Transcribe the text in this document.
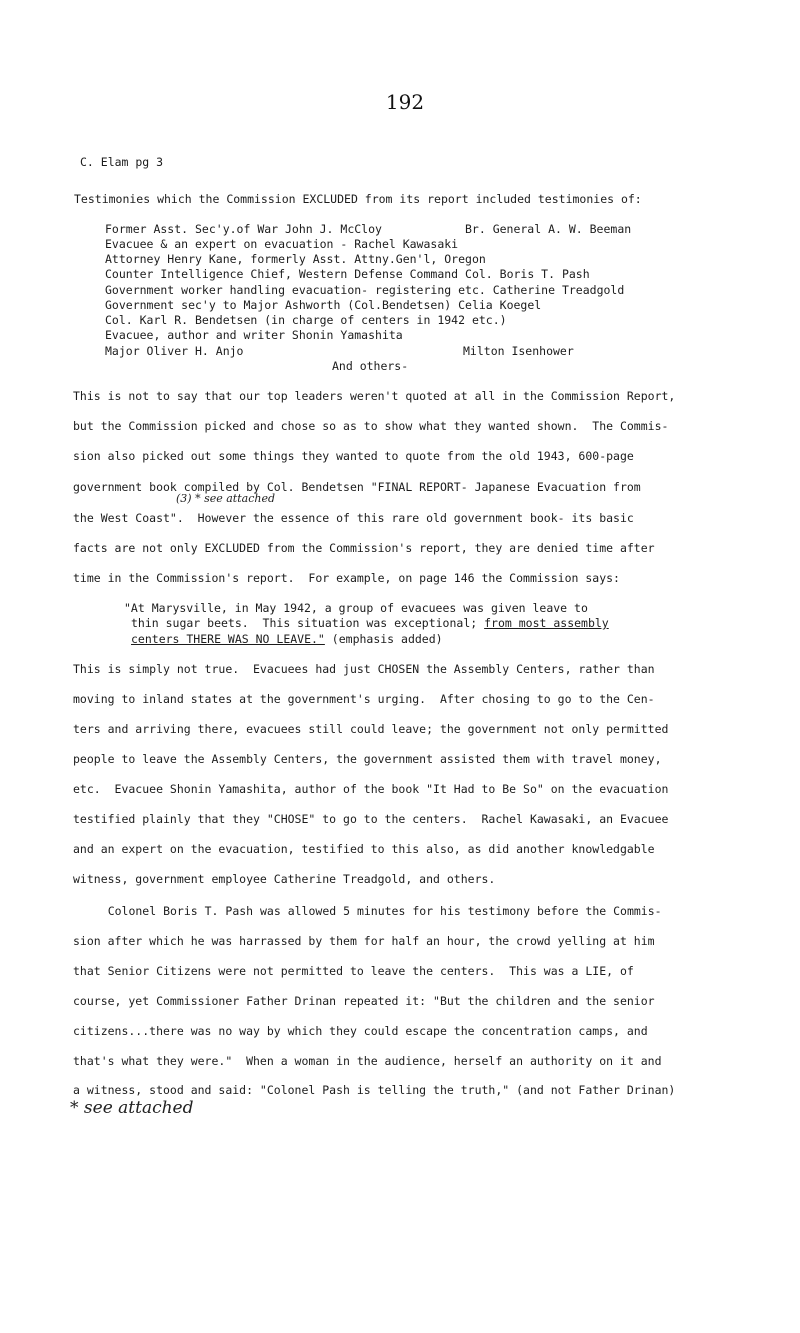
192
C. Elam pg 3
Testimonies which the Commission EXCLUDED from its report included testimonies of:
Former Asst. Sec'y.of War John J. McCloy	Br. General A. W. Beeman
Evacuee & an expert on evacuation - Rachel Kawasaki
Attorney Henry Kane, formerly Asst. Attny.Gen'l, Oregon
Counter Intelligence Chief, Western Defense Command Col. Boris T. Pash
Government worker handling evacuation- registering etc. Catherine Treadgold
Government sec'y to Major Ashworth (Col.Bendetsen) Celia Koegel
Col. Karl R. Bendetsen (in charge of centers in 1942 etc.)
Evacuee, author and writer Shonin Yamashita
Major Oliver H. Anjo	Milton Isenhower
And others-
This is not to say that our top leaders weren't quoted at all in the Commission Report,
but the Commission picked and chose so as to show what they wanted shown.  The Commis-
sion also picked out some things they wanted to quote from the old 1943, 600-page
government book compiled by Col. Bendetsen "FINAL REPORT- Japanese Evacuation from
(3) * see attached
the West Coast".  However the essence of this rare old government book- its basic
facts are not only EXCLUDED from the Commission's report, they are denied time after
time in the Commission's report.  For example, on page 146 the Commission says:
"At Marysville, in May 1942, a group of evacuees was given leave to
thin sugar beets.  This situation was exceptional; from most assembly
centers THERE WAS NO LEAVE." (emphasis added)
This is simply not true.  Evacuees had just CHOSEN the Assembly Centers, rather than
moving to inland states at the government's urging.  After chosing to go to the Cen-
ters and arriving there, evacuees still could leave; the government not only permitted
people to leave the Assembly Centers, the government assisted them with travel money,
etc.  Evacuee Shonin Yamashita, author of the book "It Had to Be So" on the evacuation
testified plainly that they "CHOSE" to go to the centers.  Rachel Kawasaki, an Evacuee
and an expert on the evacuation, testified to this also, as did another knowledgable
witness, government employee Catherine Treadgold, and others.
Colonel Boris T. Pash was allowed 5 minutes for his testimony before the Commis-
sion after which he was harrassed by them for half an hour, the crowd yelling at him
that Senior Citizens were not permitted to leave the centers.  This was a LIE, of
course, yet Commissioner Father Drinan repeated it: "But the children and the senior
citizens...there was no way by which they could escape the concentration camps, and
that's what they were."  When a woman in the audience, herself an authority on it and
a witness, stood and said: "Colonel Pash is telling the truth," (and not Father Drinan)
* see attached
